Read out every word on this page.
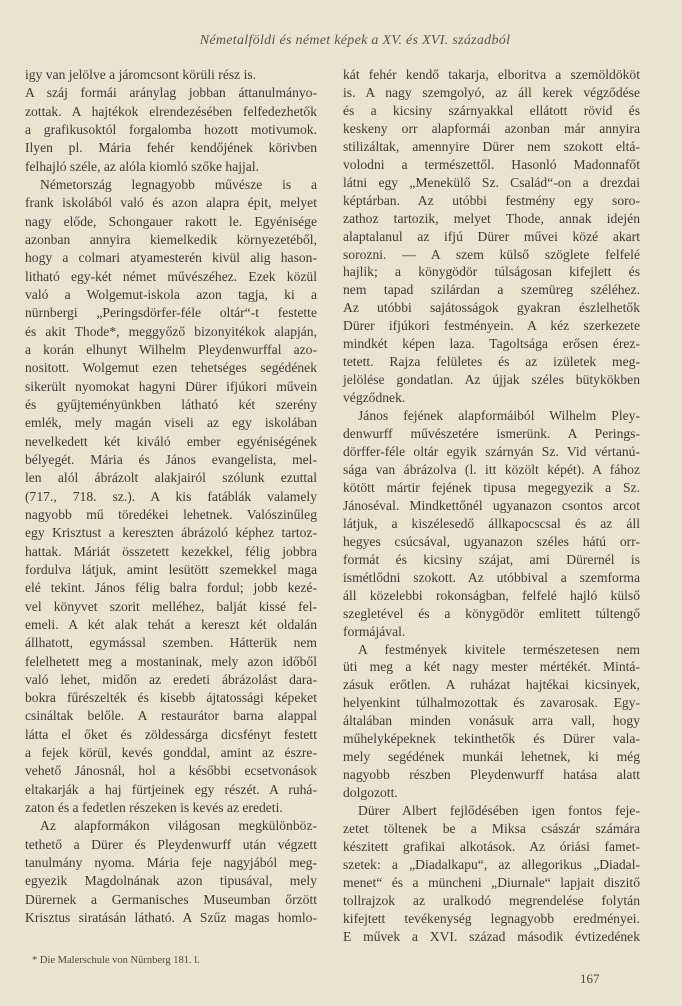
Németalföldi és német képek a XV. és XVI. századból
igy van jelölve a járomcsont körüli rész is.
A száj formái aránylag jobban áttanulmányo-
zottak. A hajtékok elrendezésében felfedezhetők
a grafikusoktól forgalomba hozott motivumok.
Ilyen pl. Mária fehér kendőjének körivben
felhajló széle, az alóla kiomló szőke hajjal.
Németország legnagyobb művésze is a
frank iskolából való és azon alapra épit, melyet
nagy elődе, Schongauer rakott le. Egyénisége
azonban annyira kiemelkedik környezetéből,
hogy a colmari atyamesterén kivül alig hason-
litható egy-két német művészéhez. Ezek közül
való a Wolgemut-iskola azon tagja, ki a
nürnbergi „Peringsdörfer-féle oltár“-t festette
és akit Thode*, meggyőző bizonyitékok alapján,
a korán elhunyt Wilhelm Pleydenwurffal azo-
nositott. Wolgemut ezen tehetséges segédének
sikerült nyomokat hagyni Dürer ifjúkori művein
és gyűjteményünkben látható két szerény
emlék, mely magán viseli az egy iskolában
nevelkedett két kiváló ember egyéniségének
bélyegét. Mária és János evangelista, mel-
len alól ábrázolt alakjairól szólunk ezuttal
(717., 718. sz.). A kis fatáblák valamely
nagyobb mű töredékei lehetnek. Valószinűleg
egy Krisztust a kereszten ábrázoló képhez tartoz-
hattak. Máriát összetett kezekkel, félig jobbra
fordulva látjuk, amint lesütött szemekkel maga
elé tekint. János félig balra fordul; jobb kezé-
vel könyvet szorit melléhez, balját kissé fel-
emeli. A két alak tehát a kereszt két oldalán
állhatott, egymással szemben. Hátterük nem
felelhetett meg a mostaninak, mely azon időből
való lehet, midőn az eredeti ábrázolást dara-
bokra fűrészelték és kisebb ájtatossági képeket
csináltak belőle. A restaurátor barna alappal
látta el őket és zöldessárga dicsfényt festett
a fejek körül, kevés gonddal, amint az észre-
vehető Jánosnál, hol a későbbi ecsetvonások
eltakarják a haj fürtjeinek egy részét. A ruhá-
zaton és a fedetlen részeken is kevés az eredeti.
Az alapformákon világosan megkülönböz-
tethető a Dürer és Pleydenwurff után végzett
tanulmány nyoma. Mária feje nagyjából meg-
egyezik Magdolnának azon tipusával, mely
Dürernek a Germanisches Museumban őrzött
Krisztus siratásán látható. A Szűz magas homlo-
kát fehér kendő takarja, elboritva a szemöldököt
is. A nagy szemgolyó, az áll kerek végződése
és a kicsiny szárnyakkal ellátott rövid és
keskeny orr alapformái azonban már annyira
stilizáltak, amennyire Dürer nem szokott eltá-
volodni a természettől. Hasonló Madonnafőt
látni egy „Menekülő Sz. Család“-on a drezdai
képtárban. Az utóbbi festmény egy soro-
zathoz tartozik, melyet Thode, annak idején
alaptalanul az ifjú Dürer művei közé akart
sorozni. — A szem külső szöglete felfelé
hajlik; a könygödör túlságosan kifejlett és
nem tapad szilárdan a szemüreg széléhez.
Az utóbbi sajátosságok gyakran észlelhetők
Dürer ifjúkori festményein. A kéz szerkezete
mindkét képen laza. Tagoltsága erősen érez-
tetett. Rajza felületes és az izületek meg-
jelölése gondatlan. Az újjak széles bütykökben
végződnek.
János fejének alapformáiból Wilhelm Pley-
denwurff művészetére ismerünk. A Perings-
dörffer-féle oltár egyik szárnyán Sz. Vid vértanú-
sága van ábrázolva (l. itt közölt képét). A fához
kötött mártir fejének tipusa megegyezik a Sz.
Jánoséval. Mindkettőnél ugyanazon csontos arcot
látjuk, a kiszélesedő állkapocscsal és az áll
hegyes csúcsával, ugyanazon széles hátú orr-
formát és kicsiny szájat, ami Dürernél is
ismétlődni szokott. Az utóbbival a szemforma
áll közelebbi rokonságban, felfelé hajló külső
szegletével és a könygödör emlitett túltengő
formájával.
A festmények kivitele természetesen nem
üti meg a két nagy mester mértékét. Mintá-
zásuk erőtlen. A ruházat hajtékai kicsinyek,
helyenkint túlhalmozottak és zavarosak. Egy-
általában minden vonásuk arra vall, hogy
műhelyképeknek tekinthetők és Dürer vala-
mely segédének munkái lehetnek, ki még
nagyobb részben Pleydenwurff hatása alatt
dolgozott.
Dürer Albert fejlődésében igen fontos feje-
zetet töltenek be a Miksa császár számára
készitett grafikai alkotások. Az óriási famet-
szetek: a „Diadalkapu“, az allegorikus „Diadal-
menet“ és a müncheni „Diurnale“ lapjait diszitő
tollrajzok az uralkodó megrendelése folytán
kifejtett tevékenység legnagyobb eredményei.
E művek a XVI. század második évtizedének
* Die Malerschule von Nürnberg 181. l.
167
